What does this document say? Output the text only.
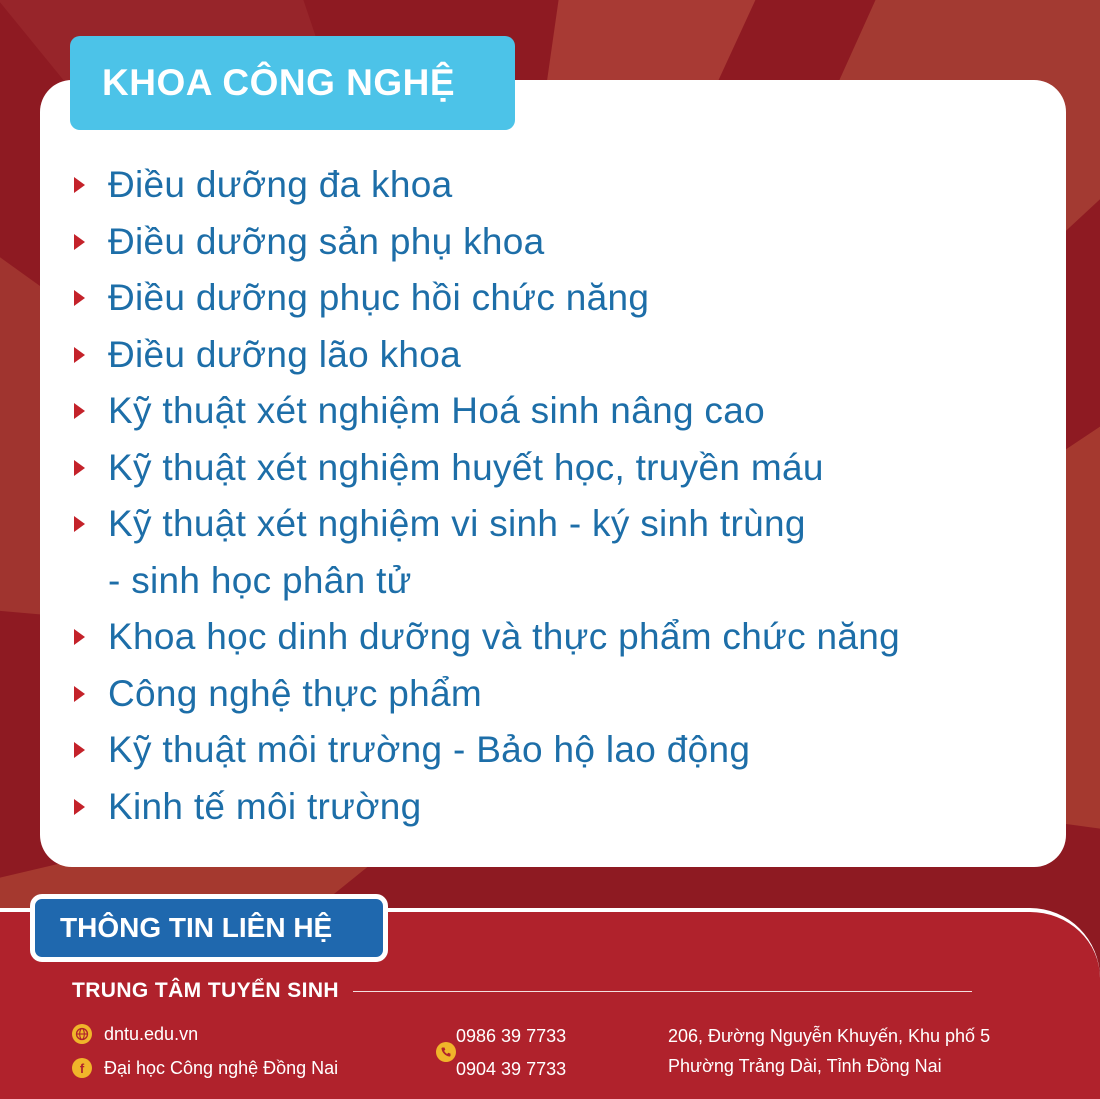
KHOA CÔNG NGHỆ
Điều dưỡng đa khoa
Điều dưỡng sản phụ khoa
Điều dưỡng phục hồi chức năng
Điều dưỡng lão khoa
Kỹ thuật xét nghiệm Hoá sinh nâng cao
Kỹ thuật xét nghiệm huyết học, truyền máu
Kỹ thuật xét nghiệm vi sinh - ký sinh trùng
- sinh học phân tử
Khoa học dinh dưỡng và thực phẩm chức năng
Công nghệ thực phẩm
Kỹ thuật môi trường - Bảo hộ lao động
Kinh tế môi trường
THÔNG TIN LIÊN HỆ
TRUNG TÂM TUYỂN SINH
dntu.edu.vn
f	Đại học Công nghệ Đồng Nai
0986 39 7733
0904 39 7733
206, Đường Nguyễn Khuyến, Khu phố 5
Phường Trảng Dài, Tỉnh Đồng Nai
